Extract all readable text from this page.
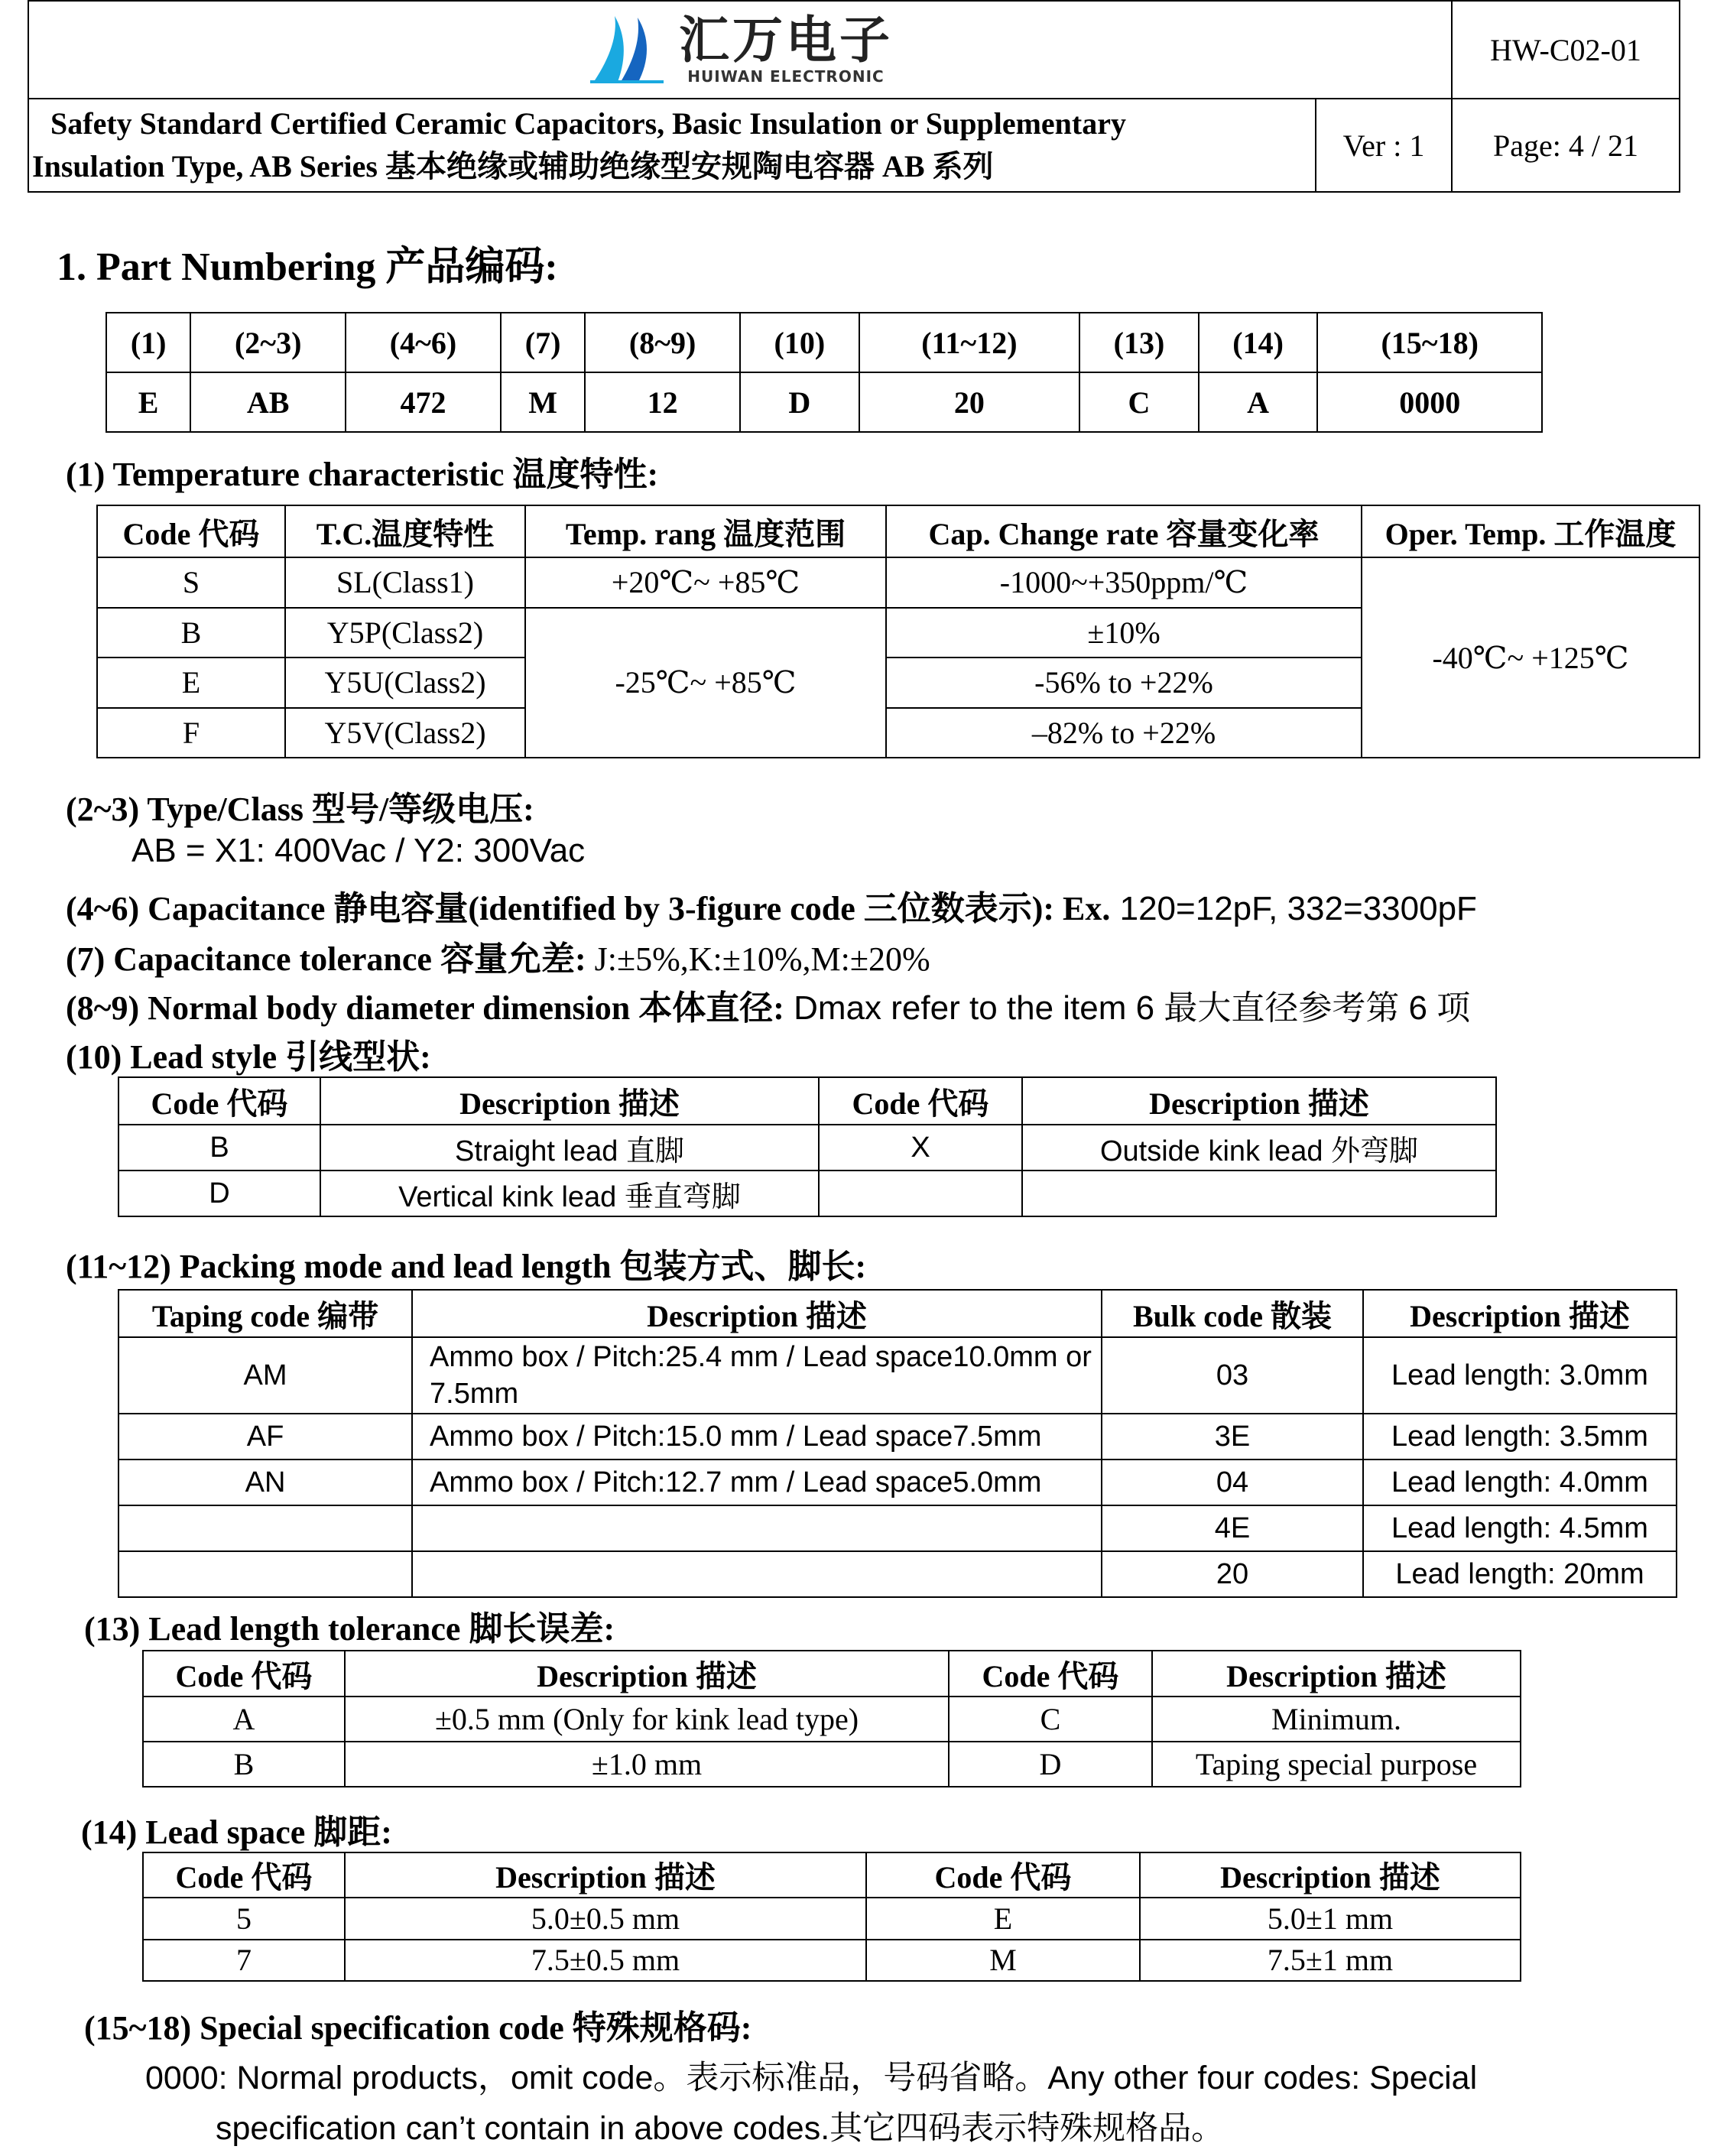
汇万电子
HUIWAN ELECTRONIC		HW-C02-01

Safety Standard Certified Ceramic Capacitors, Basic Insulation or Supplementary
Insulation Type, AB Series 基本绝缘或辅助绝缘型安规陶电容器 AB 系列	Ver : 1	Page: 4 / 21
1. Part Numbering 产品编码:
(1)	(2~3)	(4~6)	(7)	(8~9)	(10)	(11~12)	(13)	(14)	(15~18)
E	AB	472	M	12	D	20	C	A	0000
(1) Temperature characteristic 温度特性:
Code 代码	T.C.温度特性	Temp. rang 温度范围	Cap. Change rate 容量变化率	Oper. Temp. 工作温度
S	SL(Class1)	+20℃~ +85℃	-1000~+350ppm/℃	-40℃~ +125℃
B	Y5P(Class2)	-25℃~ +85℃	±10%	
E	Y5U(Class2)		-56% to +22%	
F	Y5V(Class2)		–82% to +22%	
(2~3) Type/Class 型号/等级电压:
AB = X1: 400Vac / Y2: 300Vac
(4~6) Capacitance 静电容量(identified by 3-figure code 三位数表示): Ex. 120=12pF, 332=3300pF
(7) Capacitance tolerance 容量允差: J:±5%,K:±10%,M:±20%
(8~9) Normal body diameter dimension 本体直径: Dmax refer to the item 6 最大直径参考第 6 项
(10) Lead style 引线型状:
Code 代码	Description 描述	Code 代码	Description 描述
B	Straight lead 直脚	X	Outside kink lead 外弯脚
D	Vertical kink lead 垂直弯脚		
(11~12) Packing mode and lead length 包装方式、脚长:
Taping code 编带	Description 描述	Bulk code 散装	Description 描述
AM	Ammo box / Pitch:25.4 mm / Lead space10.0mm or 7.5mm	03	Lead length: 3.0mm
AF	Ammo box / Pitch:15.0 mm / Lead space7.5mm	3E	Lead length: 3.5mm
AN	Ammo box / Pitch:12.7 mm / Lead space5.0mm	04	Lead length: 4.0mm
		4E	Lead length: 4.5mm
		20	Lead length: 20mm
(13) Lead length tolerance 脚长误差:
Code 代码	Description 描述	Code 代码	Description 描述
A	±0.5 mm (Only for kink lead type)	C	Minimum.
B	±1.0 mm	D	Taping special purpose
(14) Lead space 脚距:
Code 代码	Description 描述	Code 代码	Description 描述
5	5.0±0.5 mm	E	5.0±1 mm
7	7.5±0.5 mm	M	7.5±1 mm
(15~18) Special specification code 特殊规格码:
0000: Normal products，omit code。表示标准品，号码省略。Any other four codes: Special
specification can’t contain in above codes.其它四码表示特殊规格品。
